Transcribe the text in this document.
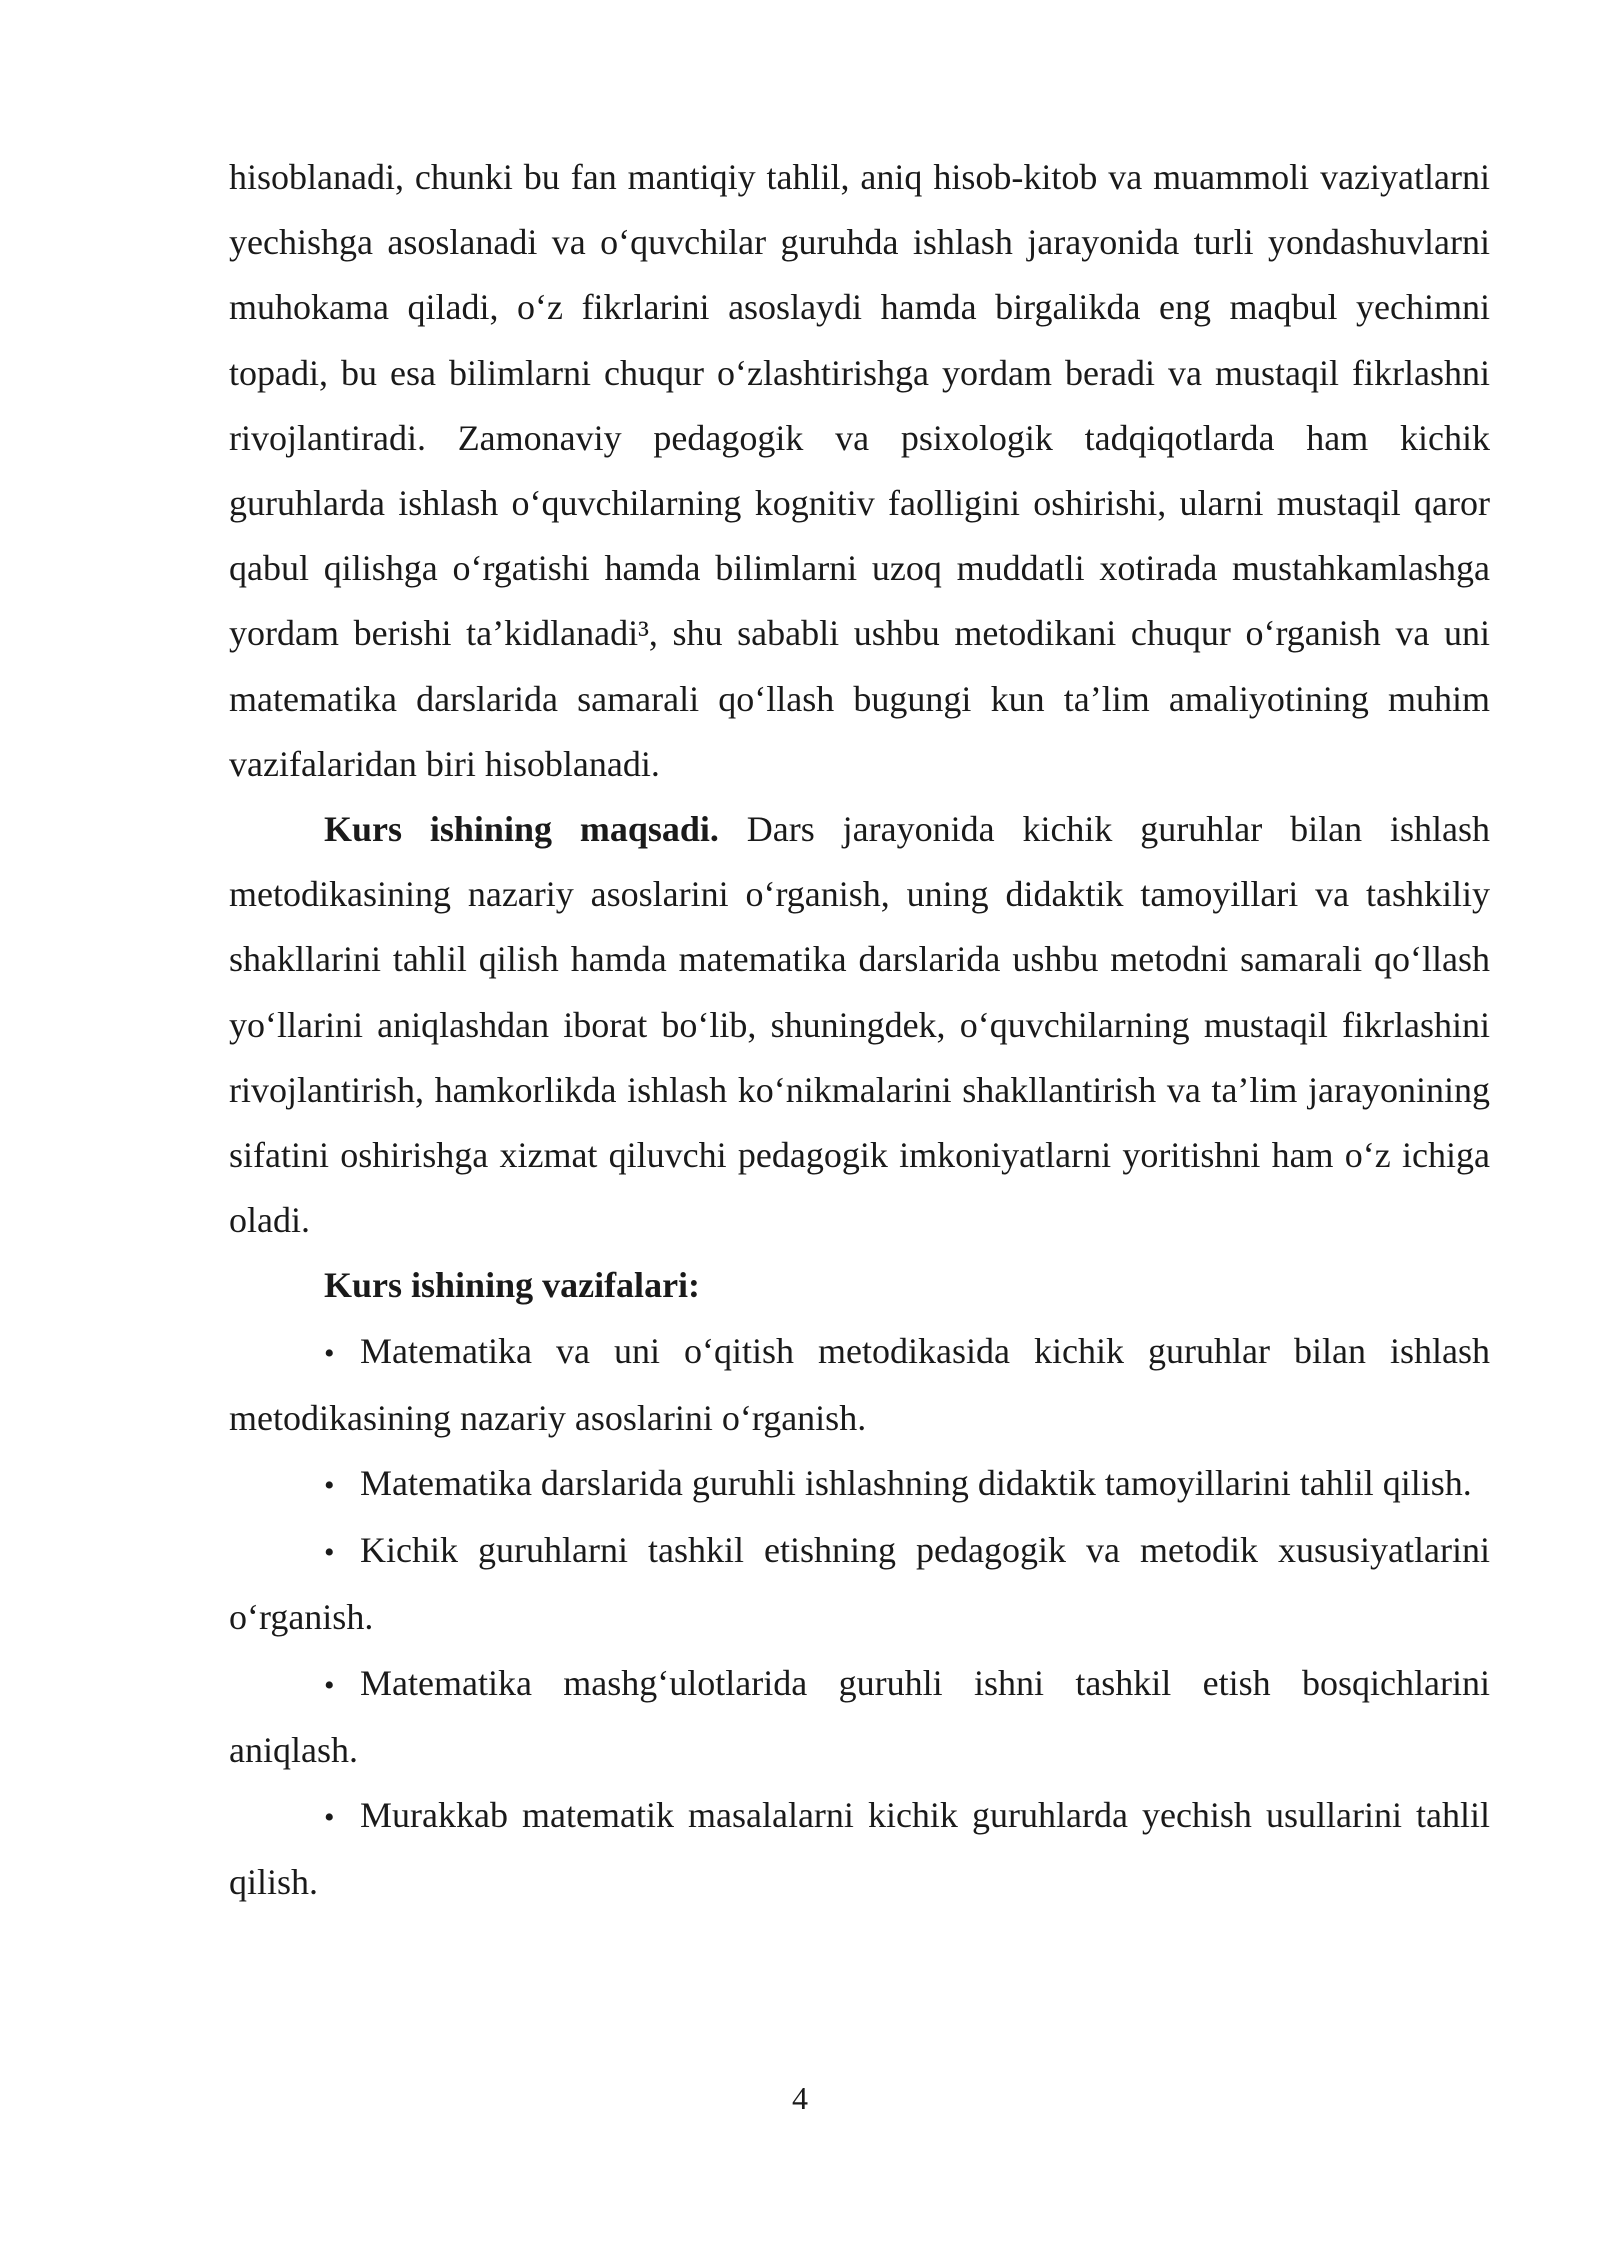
hisoblanadi, chunki bu fan mantiqiy tahlil, aniq hisob-kitob va muammoli vaziyatlarni yechishga asoslanadi va o‘quvchilar guruhda ishlash jarayonida turli yondashuvlarni muhokama qiladi, o‘z fikrlarini asoslaydi hamda birgalikda eng maqbul yechimni topadi, bu esa bilimlarni chuqur o‘zlashtirishga yordam beradi va mustaqil fikrlashni rivojlantiradi. Zamonaviy pedagogik va psixologik tadqiqotlarda ham kichik guruhlarda ishlash o‘quvchilarning kognitiv faolligini oshirishi, ularni mustaqil qaror qabul qilishga o‘rgatishi hamda bilimlarni uzoq muddatli xotirada mustahkamlashga yordam berishi ta’kidlanadi³, shu sababli ushbu metodikani chuqur o‘rganish va uni matematika darslarida samarali qo‘llash bugungi kun ta’lim amaliyotining muhim vazifalaridan biri hisoblanadi.

Kurs ishining maqsadi. Dars jarayonida kichik guruhlar bilan ishlash metodikasining nazariy asoslarini o‘rganish, uning didaktik tamoyillari va tashkiliy shakllarini tahlil qilish hamda matematika darslarida ushbu metodni samarali qo‘llash yo‘llarini aniqlashdan iborat bo‘lib, shuningdek, o‘quvchilarning mustaqil fikrlashini rivojlantirish, hamkorlikda ishlash ko‘nikmalarini shakllantirish va ta’lim jarayonining sifatini oshirishga xizmat qiluvchi pedagogik imkoniyatlarni yoritishni ham o‘z ichiga oladi.

Kurs ishining vazifalari:

• Matematika va uni o‘qitish metodikasida kichik guruhlar bilan ishlash metodikasining nazariy asoslarini o‘rganish.

• Matematika darslarida guruhli ishlashning didaktik tamoyillarini tahlil qilish.

• Kichik guruhlarni tashkil etishning pedagogik va metodik xususiyatlarini o‘rganish.

• Matematika mashg‘ulotlarida guruhli ishni tashkil etish bosqichlarini aniqlash.

• Murakkab matematik masalalarni kichik guruhlarda yechish usullarini tahlil qilish.

4
